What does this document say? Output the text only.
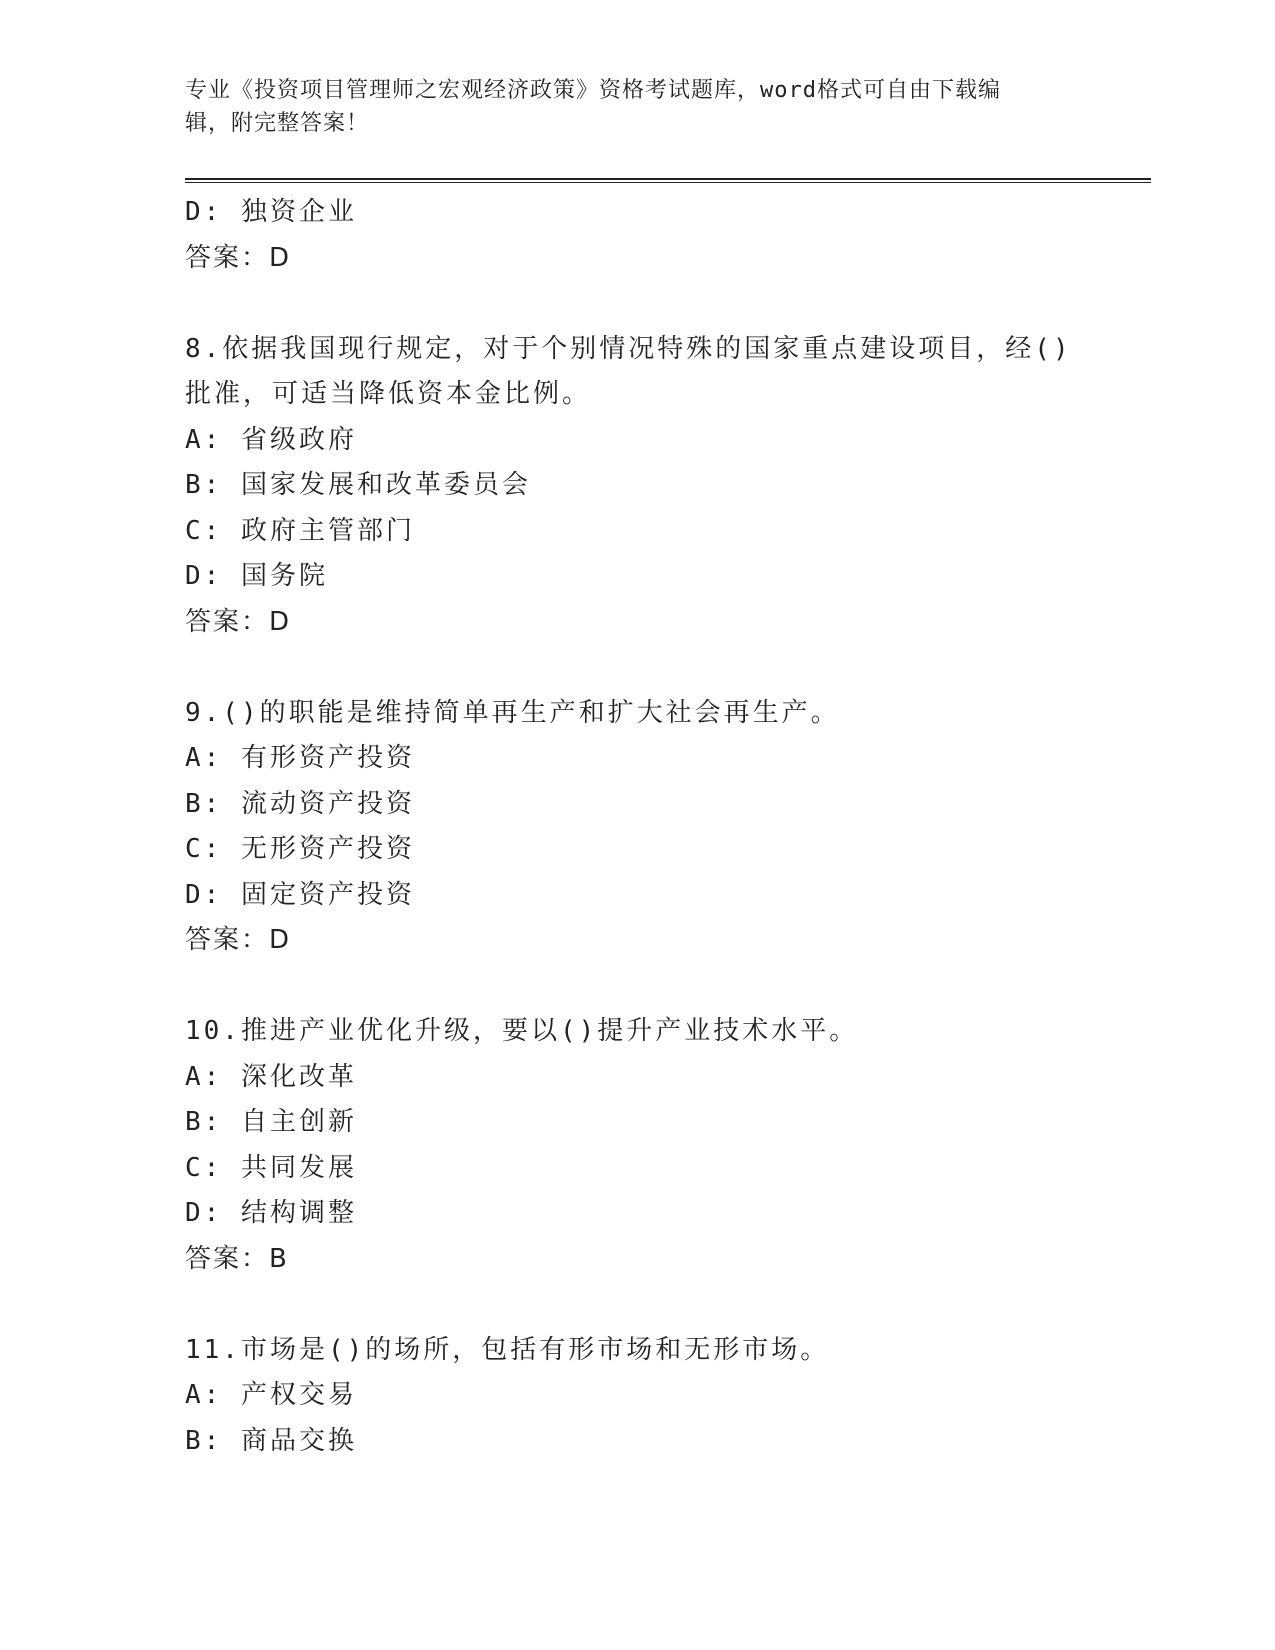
专业《投资项目管理师之宏观经济政策》资格考试题库，word格式可自由下载编
辑，附完整答案！
D: 独资企业
答案：D
8.依据我国现行规定，对于个别情况特殊的国家重点建设项目，经()
批准，可适当降低资本金比例。
A: 省级政府
B: 国家发展和改革委员会
C: 政府主管部门
D: 国务院
答案：D
9.()的职能是维持简单再生产和扩大社会再生产。
A: 有形资产投资
B: 流动资产投资
C: 无形资产投资
D: 固定资产投资
答案：D
10.推进产业优化升级，要以()提升产业技术水平。
A: 深化改革
B: 自主创新
C: 共同发展
D: 结构调整
答案：B
11.市场是()的场所，包括有形市场和无形市场。
A: 产权交易
B: 商品交换
